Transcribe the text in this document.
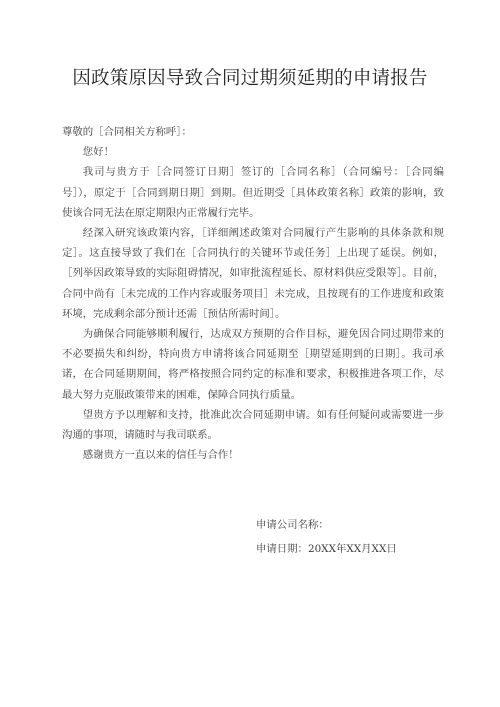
因政策原因导致合同过期须延期的申请报告

尊敬的［合同相关方称呼］：

您好！

我司与贵方于［合同签订日期］签订的［合同名称］（合同编号：［合同编号］），原定于［合同到期日期］到期。但近期受［具体政策名称］政策的影响，致使该合同无法在原定期限内正常履行完毕。

经深入研究该政策内容，［详细阐述政策对合同履行产生影响的具体条款和规定］。这直接导致了我们在［合同执行的关键环节或任务］上出现了延误。例如，［列举因政策导致的实际阻碍情况，如审批流程延长、原材料供应受限等］。目前，合同中尚有［未完成的工作内容或服务项目］未完成，且按现有的工作进度和政策环境，完成剩余部分预计还需［预估所需时间］。

为确保合同能够顺利履行，达成双方预期的合作目标，避免因合同过期带来的不必要损失和纠纷，特向贵方申请将该合同延期至［期望延期到的日期］。我司承诺，在合同延期期间，将严格按照合同约定的标准和要求，积极推进各项工作，尽最大努力克服政策带来的困难，保障合同执行质量。

望贵方予以理解和支持，批准此次合同延期申请。如有任何疑问或需要进一步沟通的事项，请随时与我司联系。

感谢贵方一直以来的信任与合作！

申请公司名称：
申请日期：20XX年XX月XX日
